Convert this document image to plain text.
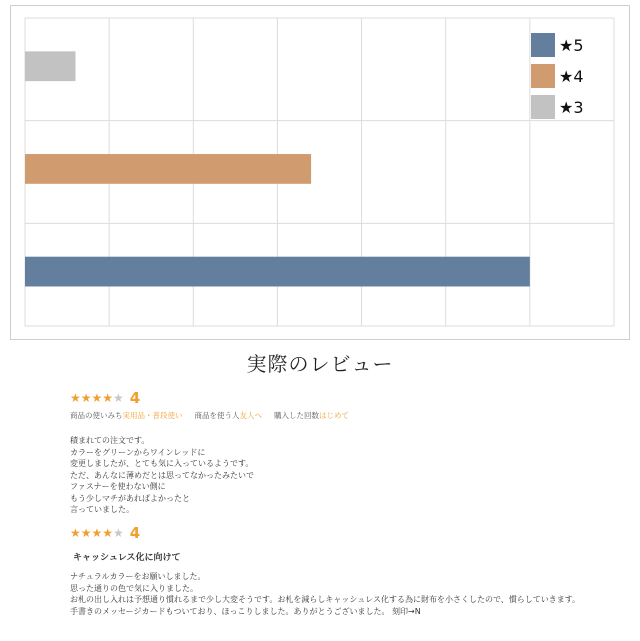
★5
★4
★3
実際のレビュー
★★★★★ 4
商品の使いみち実用品・普段使い 商品を使う人友人へ 購入した回数はじめて
積まれての注文です。
カラーをグリーンからワインレッドに
変更しましたが、とても気に入っているようです。
ただ、あんなに薄めだとは思ってなかったみたいで
ファスナーを使わない側に
もう少しマチがあればよかったと
言っていました。
★★★★★ 4
キャッシュレス化に向けて
ナチュラルカラーをお願いしました。
思った通りの色で気に入りました。
お札の出し入れは予想通り慣れるまで少し大変そうです。お札を減らしキャッシュレス化する為に財布を小さくしたので、慣らしていきます。
手書きのメッセージカードもついており、ほっこりしました。ありがとうございました。 刻印→N
